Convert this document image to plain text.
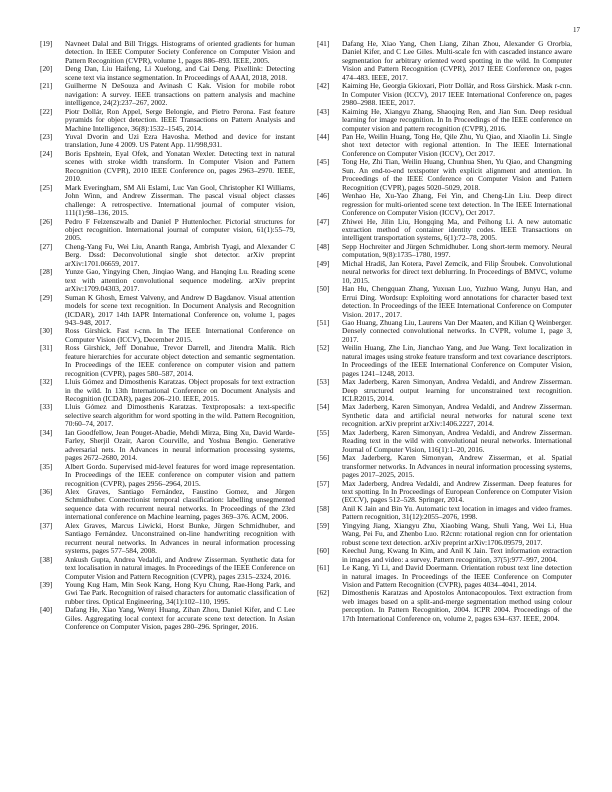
17
[19]	Navneet Dalal and Bill Triggs. Histograms of oriented gradients for human detection. In IEEE Computer Society Conference on Computer Vision and Pattern Recognition (CVPR), volume 1, pages 886–893. IEEE, 2005.
[20]	Deng Dan, Liu Haifeng, Li Xuelong, and Cai Deng. Pixellink: Detecting scene text via instance segmentation. In Proceedings of AAAI, 2018, 2018.
[21]	Guilherme N DeSouza and Avinash C Kak. Vision for mobile robot navigation: A survey. IEEE transactions on pattern analysis and machine intelligence, 24(2):237–267, 2002.
[22]	Piotr Dollár, Ron Appel, Serge Belongie, and Pietro Perona. Fast feature pyramids for object detection. IEEE Transactions on Pattern Analysis and Machine Intelligence, 36(8):1532–1545, 2014.
[23]	Yuval Dvorin and Uzi Ezra Havosha. Method and device for instant translation, June 4 2009. US Patent App. 11/998,931.
[24]	Boris Epshtein, Eyal Ofek, and Yonatan Wexler. Detecting text in natural scenes with stroke width transform. In Computer Vision and Pattern Recognition (CVPR), 2010 IEEE Conference on, pages 2963–2970. IEEE, 2010.
[25]	Mark Everingham, SM Ali Eslami, Luc Van Gool, Christopher KI Williams, John Winn, and Andrew Zisserman. The pascal visual object classes challenge: A retrospective. International journal of computer vision, 111(1):98–136, 2015.
[26]	Pedro F Felzenszwalb and Daniel P Huttenlocher. Pictorial structures for object recognition. International journal of computer vision, 61(1):55–79, 2005.
[27]	Cheng-Yang Fu, Wei Liu, Ananth Ranga, Ambrish Tyagi, and Alexander C Berg. Dssd: Deconvolutional single shot detector. arXiv preprint arXiv:1701.06659, 2017.
[28]	Yunze Gao, Yingying Chen, Jinqiao Wang, and Hanqing Lu. Reading scene text with attention convolutional sequence modeling. arXiv preprint arXiv:1709.04303, 2017.
[29]	Suman K Ghosh, Ernest Valveny, and Andrew D Bagdanov. Visual attention models for scene text recognition. In Document Analysis and Recognition (ICDAR), 2017 14th IAPR International Conference on, volume 1, pages 943–948, 2017.
[30]	Ross Girshick. Fast r-cnn. In The IEEE International Conference on Computer Vision (ICCV), December 2015.
[31]	Ross Girshick, Jeff Donahue, Trevor Darrell, and Jitendra Malik. Rich feature hierarchies for accurate object detection and semantic segmentation. In Proceedings of the IEEE conference on computer vision and pattern recognition (CVPR), pages 580–587, 2014.
[32]	Lluis Gómez and Dimosthenis Karatzas. Object proposals for text extraction in the wild. In 13th International Conference on Document Analysis and Recognition (ICDAR), pages 206–210. IEEE, 2015.
[33]	Lluis Gómez and Dimosthenis Karatzas. Textproposals: a text-specific selective search algorithm for word spotting in the wild. Pattern Recognition, 70:60–74, 2017.
[34]	Ian Goodfellow, Jean Pouget-Abadie, Mehdi Mirza, Bing Xu, David Warde-Farley, Sherjil Ozair, Aaron Courville, and Yoshua Bengio. Generative adversarial nets. In Advances in neural information processing systems, pages 2672–2680, 2014.
[35]	Albert Gordo. Supervised mid-level features for word image representation. In Proceedings of the IEEE conference on computer vision and pattern recognition (CVPR), pages 2956–2964, 2015.
[36]	Alex Graves, Santiago Fernández, Faustino Gomez, and Jürgen Schmidhuber. Connectionist temporal classification: labelling unsegmented sequence data with recurrent neural networks. In Proceedings of the 23rd international conference on Machine learning, pages 369–376. ACM, 2006.
[37]	Alex Graves, Marcus Liwicki, Horst Bunke, Jürgen Schmidhuber, and Santiago Fernández. Unconstrained on-line handwriting recognition with recurrent neural networks. In Advances in neural information processing systems, pages 577–584, 2008.
[38]	Ankush Gupta, Andrea Vedaldi, and Andrew Zisserman. Synthetic data for text localisation in natural images. In Proceedings of the IEEE Conference on Computer Vision and Pattern Recognition (CVPR), pages 2315–2324, 2016.
[39]	Young Kug Ham, Min Seok Kang, Hong Kyu Chung, Rae-Hong Park, and Gwi Tae Park. Recognition of raised characters for automatic classification of rubber tires. Optical Engineering, 34(1):102–110, 1995.
[40]	Dafang He, Xiao Yang, Wenyi Huang, Zihan Zhou, Daniel Kifer, and C Lee Giles. Aggregating local context for accurate scene text detection. In Asian Conference on Computer Vision, pages 280–296. Springer, 2016.
[41]	Dafang He, Xiao Yang, Chen Liang, Zihan Zhou, Alexander G Ororbia, Daniel Kifer, and C Lee Giles. Multi-scale fcn with cascaded instance aware segmentation for arbitrary oriented word spotting in the wild. In Computer Vision and Pattern Recognition (CVPR), 2017 IEEE Conference on, pages 474–483. IEEE, 2017.
[42]	Kaiming He, Georgia Gkioxari, Piotr Dollár, and Ross Girshick. Mask r-cnn. In Computer Vision (ICCV), 2017 IEEE International Conference on, pages 2980–2988. IEEE, 2017.
[43]	Kaiming He, Xiangyu Zhang, Shaoqing Ren, and Jian Sun. Deep residual learning for image recognition. In In Proceedings of the IEEE conference on computer vision and pattern recognition (CVPR), 2016.
[44]	Pan He, Weilin Huang, Tong He, Qile Zhu, Yu Qiao, and Xiaolin Li. Single shot text detector with regional attention. In The IEEE International Conference on Computer Vision (ICCV), Oct 2017.
[45]	Tong He, Zhi Tian, Weilin Huang, Chunhua Shen, Yu Qiao, and Changming Sun. An end-to-end textspotter with explicit alignment and attention. In Proceedings of the IEEE Conference on Computer Vision and Pattern Recognition (CVPR), pages 5020–5029, 2018.
[46]	Wenhao He, Xu-Yao Zhang, Fei Yin, and Cheng-Lin Liu. Deep direct regression for multi-oriented scene text detection. In The IEEE International Conference on Computer Vision (ICCV), Oct 2017.
[47]	Zhiwei He, Jilin Liu, Hongqing Ma, and Peihong Li. A new automatic extraction method of container identity codes. IEEE Transactions on intelligent transportation systems, 6(1):72–78, 2005.
[48]	Sepp Hochreiter and Jürgen Schmidhuber. Long short-term memory. Neural computation, 9(8):1735–1780, 1997.
[49]	Michal Hradiš, Jan Kotera, Pavel Zemcík, and Filip Šroubek. Convolutional neural networks for direct text deblurring. In Proceedings of BMVC, volume 10, 2015.
[50]	Han Hu, Chengquan Zhang, Yuxuan Luo, Yuzhuo Wang, Junyu Han, and Errui Ding. Wordsup: Exploiting word annotations for character based text detection. In Proceedings of the IEEE International Conference on Computer Vision. 2017., 2017.
[51]	Gao Huang, Zhuang Liu, Laurens Van Der Maaten, and Kilian Q Weinberger. Densely connected convolutional networks. In CVPR, volume 1, page 3, 2017.
[52]	Weilin Huang, Zhe Lin, Jianchao Yang, and Jue Wang. Text localization in natural images using stroke feature transform and text covariance descriptors. In Proceedings of the IEEE International Conference on Computer Vision, pages 1241–1248, 2013.
[53]	Max Jaderberg, Karen Simonyan, Andrea Vedaldi, and Andrew Zisserman. Deep structured output learning for unconstrained text recognition. ICLR2015, 2014.
[54]	Max Jaderberg, Karen Simonyan, Andrea Vedaldi, and Andrew Zisserman. Synthetic data and artificial neural networks for natural scene text recognition. arXiv preprint arXiv:1406.2227, 2014.
[55]	Max Jaderberg, Karen Simonyan, Andrea Vedaldi, and Andrew Zisserman. Reading text in the wild with convolutional neural networks. International Journal of Computer Vision, 116(1):1–20, 2016.
[56]	Max Jaderberg, Karen Simonyan, Andrew Zisserman, et al. Spatial transformer networks. In Advances in neural information processing systems, pages 2017–2025, 2015.
[57]	Max Jaderberg, Andrea Vedaldi, and Andrew Zisserman. Deep features for text spotting. In In Proceedings of European Conference on Computer Vision (ECCV), pages 512–528. Springer, 2014.
[58]	Anil K Jain and Bin Yu. Automatic text location in images and video frames. Pattern recognition, 31(12):2055–2076, 1998.
[59]	Yingying Jiang, Xiangyu Zhu, Xiaobing Wang, Shuli Yang, Wei Li, Hua Wang, Pei Fu, and Zhenbo Luo. R2cnn: rotational region cnn for orientation robust scene text detection. arXiv preprint arXiv:1706.09579, 2017.
[60]	Keechul Jung, Kwang In Kim, and Anil K Jain. Text information extraction in images and video: a survey. Pattern recognition, 37(5):977–997, 2004.
[61]	Le Kang, Yi Li, and David Doermann. Orientation robust text line detection in natural images. In Proceedings of the IEEE Conference on Computer Vision and Pattern Recognition (CVPR), pages 4034–4041, 2014.
[62]	Dimosthenis Karatzas and Apostolos Antonacopoulos. Text extraction from web images based on a split-and-merge segmentation method using colour perception. In Pattern Recognition, 2004. ICPR 2004. Proceedings of the 17th International Conference on, volume 2, pages 634–637. IEEE, 2004.
